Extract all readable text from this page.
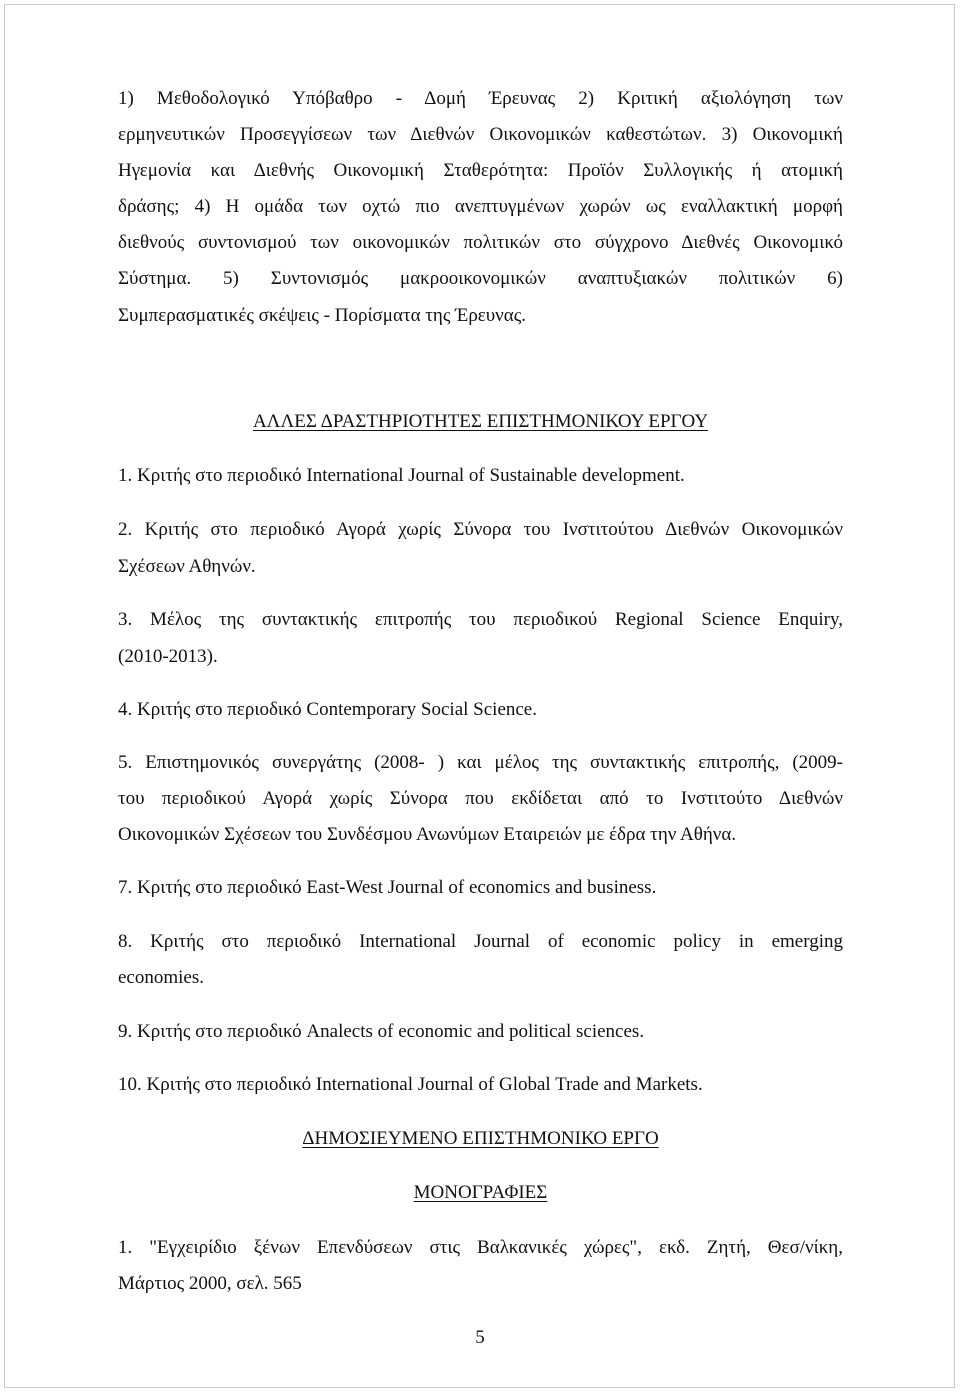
1) Μεθοδολογικό Υπόβαθρο - Δομή Έρευνας 2) Κριτική αξιολόγηση των
ερμηνευτικών Προσεγγίσεων των Διεθνών Οικονομικών καθεστώτων. 3) Οικονομική
Ηγεμονία και Διεθνής Οικονομική Σταθερότητα: Προϊόν Συλλογικής ή ατομική
δράσης; 4) Η ομάδα των οχτώ πιο ανεπτυγμένων χωρών ως εναλλακτική μορφή
διεθνούς συντονισμού των οικονομικών πολιτικών στο σύγχρονο Διεθνές Οικονομικό
Σύστημα. 5) Συντονισμός μακροοικονομικών αναπτυξιακών πολιτικών 6)
Συμπερασματικές σκέψεις - Πορίσματα της Έρευνας.
ΑΛΛΕΣ ΔΡΑΣΤΗΡΙΟΤΗΤΕΣ ΕΠΙΣΤΗΜΟΝΙΚΟΥ ΕΡΓΟΥ
1. Κριτής στο περιοδικό International Journal of Sustainable development.
2. Κριτής στο περιοδικό Αγορά χωρίς Σύνορα του Ινστιτούτου Διεθνών Οικονομικών
Σχέσεων Αθηνών.
3. Μέλος της συντακτικής επιτροπής του περιοδικού Regional Science Enquiry,
(2010-2013).
4. Κριτής στο περιοδικό Contemporary Social Science.
5. Επιστημονικός συνεργάτης (2008- ) και μέλος της συντακτικής επιτροπής, (2009-
του περιοδικού Αγορά χωρίς Σύνορα που εκδίδεται από το Ινστιτούτο Διεθνών
Οικονομικών Σχέσεων του Συνδέσμου Ανωνύμων Εταιρειών με έδρα την Αθήνα.
7. Κριτής στο περιοδικό East-West Journal of economics and business.
8. Κριτής στο περιοδικό International Journal of economic policy in emerging
economies.
9. Κριτής στο περιοδικό Analects of economic and political sciences.
10. Κριτής στο περιοδικό International Journal of Global Trade and Markets.
ΔΗΜΟΣΙΕΥΜΕΝΟ ΕΠΙΣΤΗΜΟΝΙΚΟ ΕΡΓΟ
ΜΟΝΟΓΡΑΦΙΕΣ
1. "Εγχειρίδιο ξένων Επενδύσεων στις Βαλκανικές χώρες", εκδ. Ζητή, Θεσ/νίκη,
Μάρτιος 2000, σελ. 565
5
